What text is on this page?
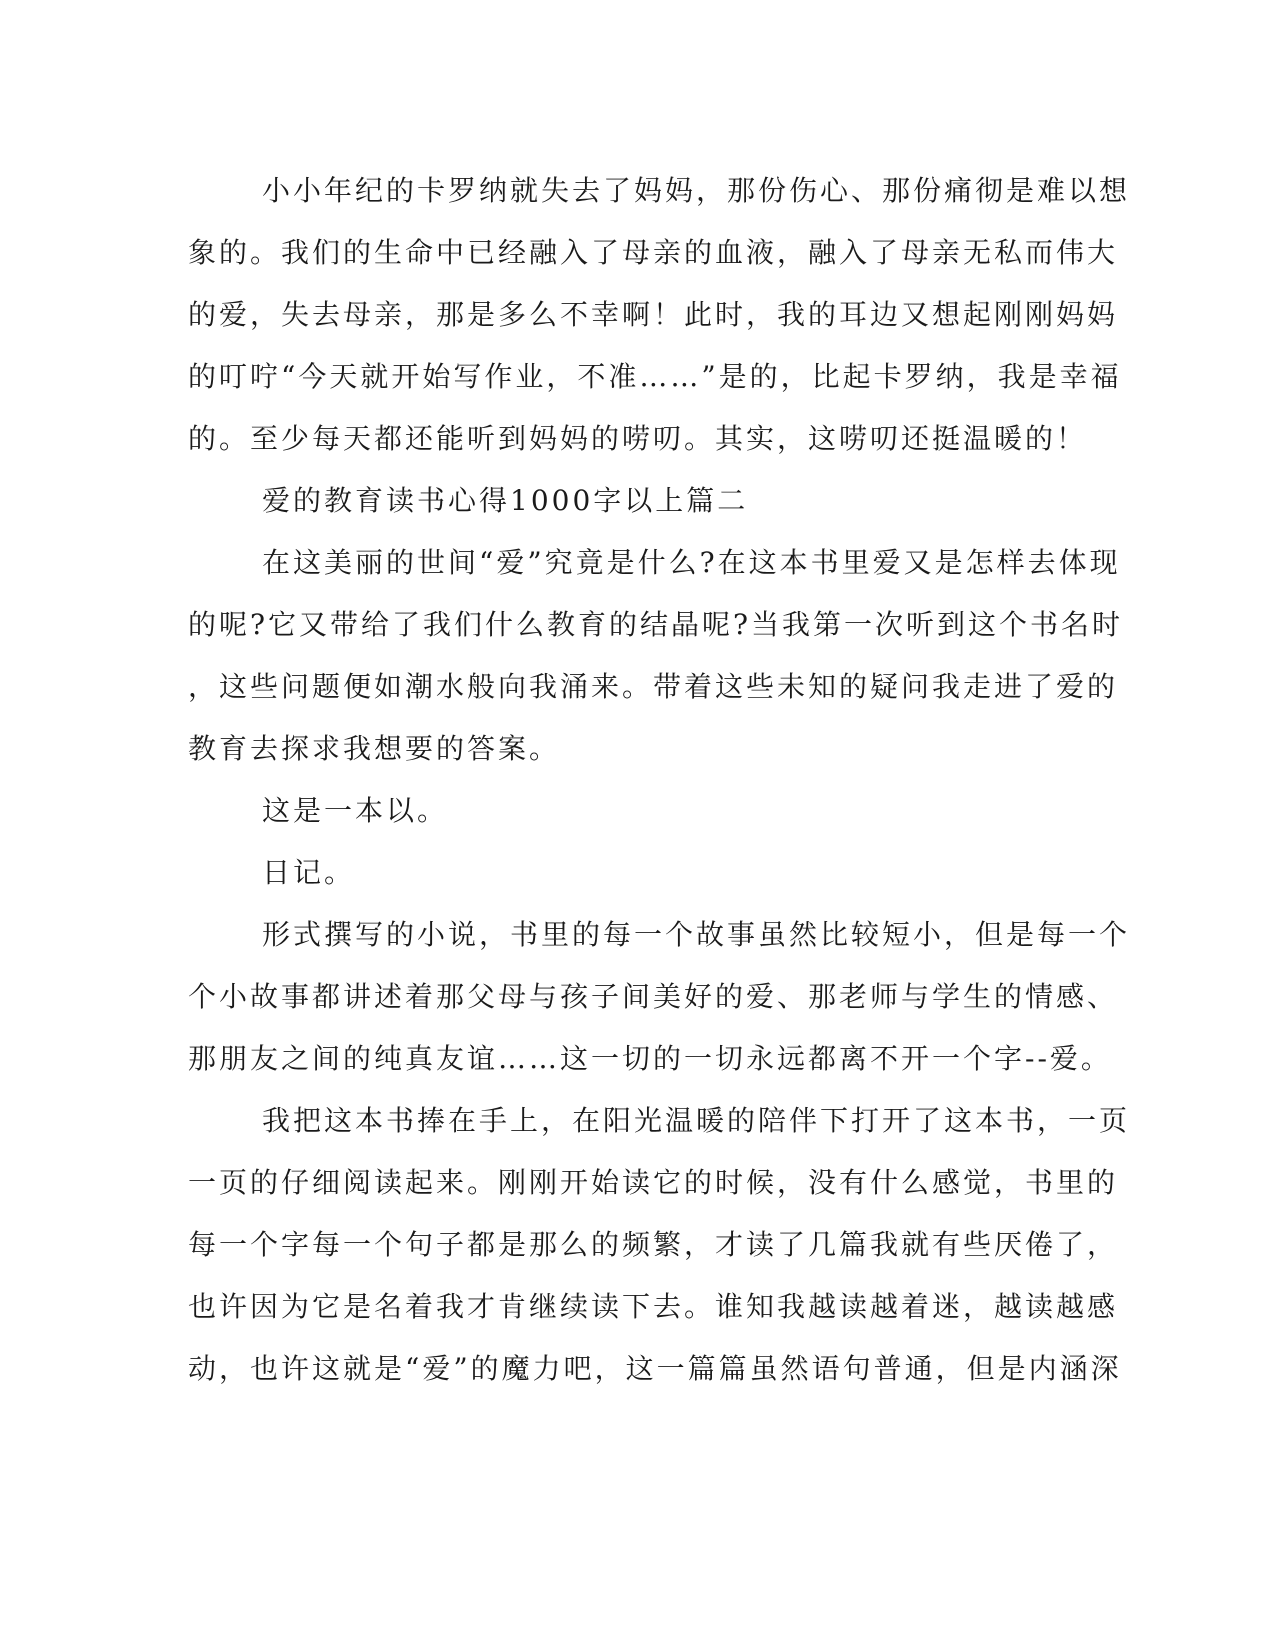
小小年纪的卡罗纳就失去了妈妈，那份伤心、那份痛彻是难以想
象的。我们的生命中已经融入了母亲的血液，融入了母亲无私而伟大
的爱，失去母亲，那是多么不幸啊！此时，我的耳边又想起刚刚妈妈
的叮咛“今天就开始写作业，不准……”是的，比起卡罗纳，我是幸福
的。至少每天都还能听到妈妈的唠叨。其实，这唠叨还挺温暖的！
爱的教育读书心得1000字以上篇二
在这美丽的世间“爱”究竟是什么?在这本书里爱又是怎样去体现
的呢?它又带给了我们什么教育的结晶呢?当我第一次听到这个书名时
，这些问题便如潮水般向我涌来。带着这些未知的疑问我走进了爱的
教育去探求我想要的答案。
这是一本以。
日记。
形式撰写的小说，书里的每一个故事虽然比较短小，但是每一个
个小故事都讲述着那父母与孩子间美好的爱、那老师与学生的情感、
那朋友之间的纯真友谊……这一切的一切永远都离不开一个字--爱。
我把这本书捧在手上，在阳光温暖的陪伴下打开了这本书，一页
一页的仔细阅读起来。刚刚开始读它的时候，没有什么感觉，书里的
每一个字每一个句子都是那么的频繁，才读了几篇我就有些厌倦了，
也许因为它是名着我才肯继续读下去。谁知我越读越着迷，越读越感
动，也许这就是“爱”的魔力吧，这一篇篇虽然语句普通，但是内涵深
